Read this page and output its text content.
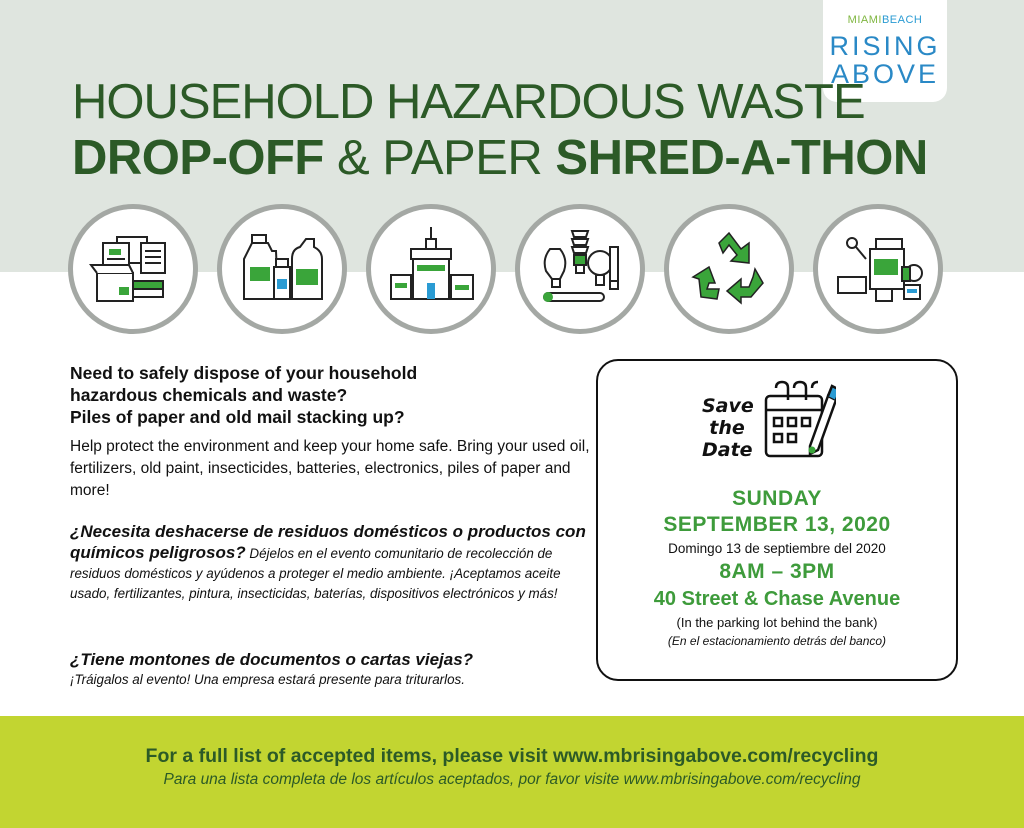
MIAMIBEACH
RISING
ABOVE
HOUSEHOLD HAZARDOUS WASTE
DROP-OFF & PAPER SHRED-A-THON
Need to safely dispose of your household
hazardous chemicals and waste?
Piles of paper and old mail stacking up?
Help protect the environment and keep your home safe. Bring your used oil, fertilizers, old paint, insecticides, batteries, electronics, piles of paper and more!
¿Necesita deshacerse de residuos domésticos o productos con químicos peligrosos? Déjelos en el evento comunitario de recolección de residuos domésticos y ayúdenos a proteger el medio ambiente. ¡Aceptamos aceite usado, fertilizantes, pintura, insecticidas, baterías, dispositivos electrónicos y más!
¿Tiene montones de documentos o cartas viejas?
¡Tráigalos al evento! Una empresa estará presente para triturarlos.
Save
the
Date
SUNDAY
SEPTEMBER 13, 2020
Domingo 13 de septiembre del 2020
8AM – 3PM
40 Street & Chase Avenue
(In the parking lot behind the bank)
(En el estacionamiento detrás del banco)
For a full list of accepted items, please visit www.mbrisingabove.com/recycling
Para una lista completa de los artículos aceptados, por favor visite www.mbrisingabove.com/recycling
